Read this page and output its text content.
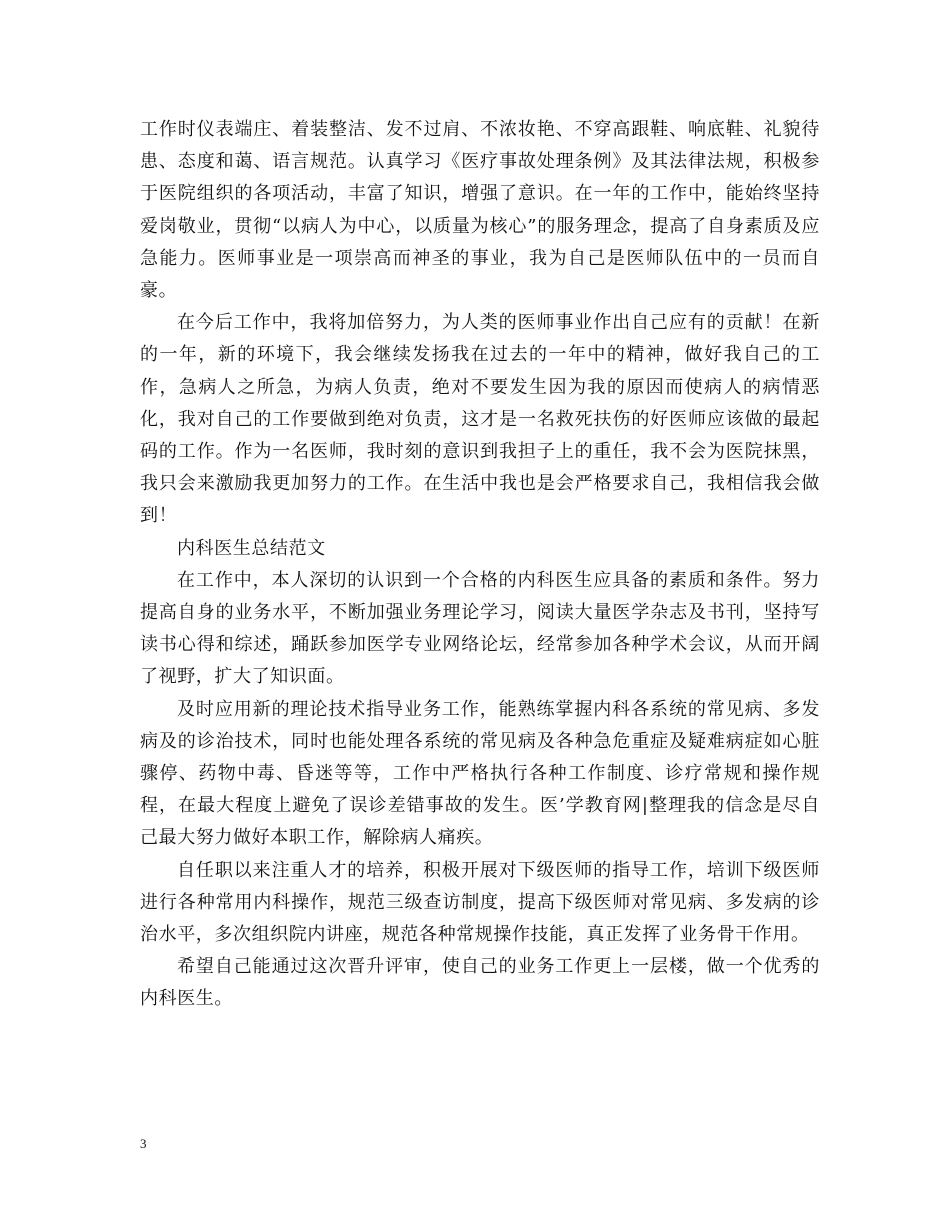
工作时仪表端庄、着装整洁、发不过肩、不浓妆艳、不穿高跟鞋、响底鞋、礼貌待患、态度和蔼、语言规范。认真学习《医疗事故处理条例》及其法律法规，积极参于医院组织的各项活动，丰富了知识，增强了意识。在一年的工作中，能始终坚持爱岗敬业，贯彻“以病人为中心，以质量为核心”的服务理念，提高了自身素质及应急能力。医师事业是一项崇高而神圣的事业，我为自己是医师队伍中的一员而自豪。

在今后工作中，我将加倍努力，为人类的医师事业作出自己应有的贡献！在新的一年，新的环境下，我会继续发扬我在过去的一年中的精神，做好我自己的工作，急病人之所急，为病人负责，绝对不要发生因为我的原因而使病人的病情恶化，我对自己的工作要做到绝对负责，这才是一名救死扶伤的好医师应该做的最起码的工作。作为一名医师，我时刻的意识到我担子上的重任，我不会为医院抹黑，我只会来激励我更加努力的工作。在生活中我也是会严格要求自己，我相信我会做到！

内科医生总结范文

在工作中，本人深切的认识到一个合格的内科医生应具备的素质和条件。努力提高自身的业务水平，不断加强业务理论学习，阅读大量医学杂志及书刊，坚持写读书心得和综述，踊跃参加医学专业网络论坛，经常参加各种学术会议，从而开阔了视野，扩大了知识面。

及时应用新的理论技术指导业务工作，能熟练掌握内科各系统的常见病、多发病及的诊治技术，同时也能处理各系统的常见病及各种急危重症及疑难病症如心脏骤停、药物中毒、昏迷等等，工作中严格执行各种工作制度、诊疗常规和操作规程，在最大程度上避免了误诊差错事故的发生。医’学教育网|整理我的信念是尽自己最大努力做好本职工作，解除病人痛疾。

自任职以来注重人才的培养，积极开展对下级医师的指导工作，培训下级医师进行各种常用内科操作，规范三级查访制度，提高下级医师对常见病、多发病的诊治水平，多次组织院内讲座，规范各种常规操作技能，真正发挥了业务骨干作用。

希望自己能通过这次晋升评审，使自己的业务工作更上一层楼，做一个优秀的内科医生。

3
